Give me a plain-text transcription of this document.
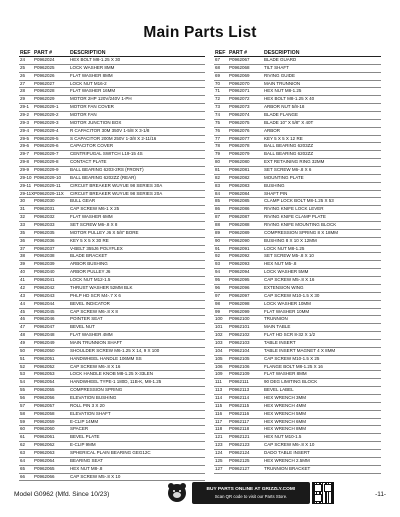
Main Parts List
REF PART #	DESCRIPTION
24	P0962024	HEX BOLT M8-1.25 X 30
25	P0962025	LOCK WASHER 8MM
26	P0962026	FLAT WASHER 8MM
27	P0962027	LOCK NUT M16-2
28	P0962028	FLAT WASHER 16MM
29	P0962029	MOTOR 2HP 120V/240V 1-PH
29-1	P0962029-1	MOTOR FAN COVER
29-2	P0962029-2	MOTOR FAN
29-3	P0962029-3	MOTOR JUNCTION BOX
29-4	P0962029-4	R CAPACITOR 30M 350V 1-5/8 X 3-1/8
29-5	P0962029-5	S CAPACITOR 200M 250V 1-3/8 X 2-11/16
29-6	P0962029-6	CAPACITOR COVER
29-7	P0962029-7	CENTRIFUGAL SWITCH L19-15 4S
29-8	P0962029-8	CONTACT PLATE
29-9	P0962029-9	BALL BEARING 6203-2RS (FRONT)
29-10 P0962029-10	BALL BEARING 6202ZZ (REAR)
29-11 P0962029-11	CIRCUIT BREAKER WUYUE 98 SERIES 30A
29-11X P0962029-11X	CIRCUIT BREAKER WUYUE 98 SERIES 20A
30	P0962030	BULL GEAR
31	P0962031	CAP SCREW M6-1 X 25
32	P0962032	FLAT WASHER 6MM
33	P0962033	SET SCREW M6-.8 X 8
35	P0962035	MOTOR PULLEY J6 X 5/8" BORE
36	P0962036	KEY 5 X 5 X 30 RE
37	P0962037	V-BELT 355J6 POLYFLEX
38	P0962038	BLADE BRACKET
39	P0962039	ARBOR BUSHING
40	P0962040	ARBOR PULLEY J6
41	P0962041	LOCK NUT M12-1.5
42	P0962042	THRUST WASHER 52MM BLK
43	P0962043	PHLP HD SCR M4-.7 X 6
44	P0962044	BEVEL INDICATOR
45	P0962045	CAP SCREW M6-.8 X 8
46	P0962046	POINTER SEAT
47	P0962047	BEVEL NUT
48	P0962048	FLAT WASHER 4MM
49	P0962049	MAIN TRUNNION SHAFT
50	P0962050	SHOULDER SCREW M6-1.25 X 14, 9 X 100
51	P0962051	HANDWHEEL HANDLE 106MM SS
52	P0962052	CAP SCREW M6-.8 X 16
53	P0962053	LOCK HANDLE KNOB M8-1.25 X-33LEN
54	P0962054	HANDWHEEL TYPE-1 180D, 11B-K, M8-1.25
55	P0962055	COMPRESSION SPRING
56	P0962056	ELEVATION BUSHING
57	P0962057	ROLL PIN 3 X 20
58	P0962058	ELEVATION SHAFT
59	P0962059	E-CLIP 14MM
60	P0962060	SPACER
61	P0962061	BEVEL PLATE
62	P0962062	E-CLIP 9MM
63	P0962063	SPHERICAL PLAIN BEARING GEG12C
64	P0962064	BEARING SEAT
65	P0962065	HEX NUT M8-.8
66	P0962066	CAP SCREW M5-.8 X 10
REF PART #	DESCRIPTION
67	P0962067	BLADE GUARD
68	P0962068	TILT SHAFT
69	P0962069	RIVING GUIDE
70	P0962070	MAIN TRUNNION
71	P0962071	HEX NUT M8-1.25
72	P0962072	HEX BOLT M8-1.25 X 40
73	P0962073	ARBOR NUT 5/8-18
74	P0962074	BLADE FLANGE
75	P0962075	BLADE 10" X 5/8" X 40T
76	P0962076	ARBOR
77	P0962077	KEY 5 X 5 X 12 RE
78	P0962078	BALL BEARING 6203ZZ
79	P0962079	BALL BEARING 6202ZZ
80	P0962080	EXT RETAINING RING 32MM
81	P0962081	SET SCREW M6-.8 X 6
82	P0962082	MOUNTING PLATE
83	P0962083	BUSHING
84	P0962084	SHAFT PIN
85	P0962085	CLAMP LOCK BOLT M8-1.25 X 53
86	P0962086	RIVING KNIFE LOCK LEVER
87	P0962087	RIVING KNIFE CLAMP PLATE
88	P0962088	RIVING KNIFE MOUNTING BLOCK
89	P0962089	COMPRESSION SPRING 8 X 18MM
90	P0962090	BUSHING 8 X 10 X 12MM
91	P0962091	LOCK NUT M8-1.25
92	P0962092	SET SCREW M5-.8 X 10
93	P0962093	HEX NUT M5-.8
94	P0962094	LOCK WASHER 5MM
95	P0962095	CAP SCREW M5-.8 X 16
96	P0962096	EXTENSION WING
97	P0962097	CAP SCREW M10-1.5 X 30
98	P0962098	LOCK WASHER 10MM
99	P0962099	FLAT WASHER 10MM
100	P0962100	TRUNNION
101	P0962101	MAIN TABLE
102	P0962102	FLAT HD SCR 8-32 X 1/2
103	P0962103	TABLE INSERT
104	P0962104	TABLE INSERT MAGNET 4 X 8MM
105	P0962105	CAP SCREW M10-1.5 X 25
106	P0962106	FLANGE BOLT M8-1.25 X 16
109	P0962109	FLAT WASHER 8MM
111	P0962111	90 DEG LIMITING BLOCK
113	P0962113	BEVEL LABEL
114	P0962114	HEX WRENCH 3MM
115	P0962115	HEX WRENCH 4MM
116	P0962116	HEX WRENCH 5MM
117	P0962117	HEX WRENCH 6MM
118	P0962118	HEX WRENCH 8MM
121	P0962121	HEX NUT M10-1.5
123	P0962123	CAP SCREW M6-.8 X 10
124	P0962124	DADO TABLE INSERT
125	P0962125	HEX WRENCH 2.5MM
127	P0962127	TRUNNION BRACKET
Model G0962 (Mfd. Since 10/23)
BUY PARTS ONLINE AT GRIZZLY.COM!
Scan QR code to visit our Parts Store.	-11-
